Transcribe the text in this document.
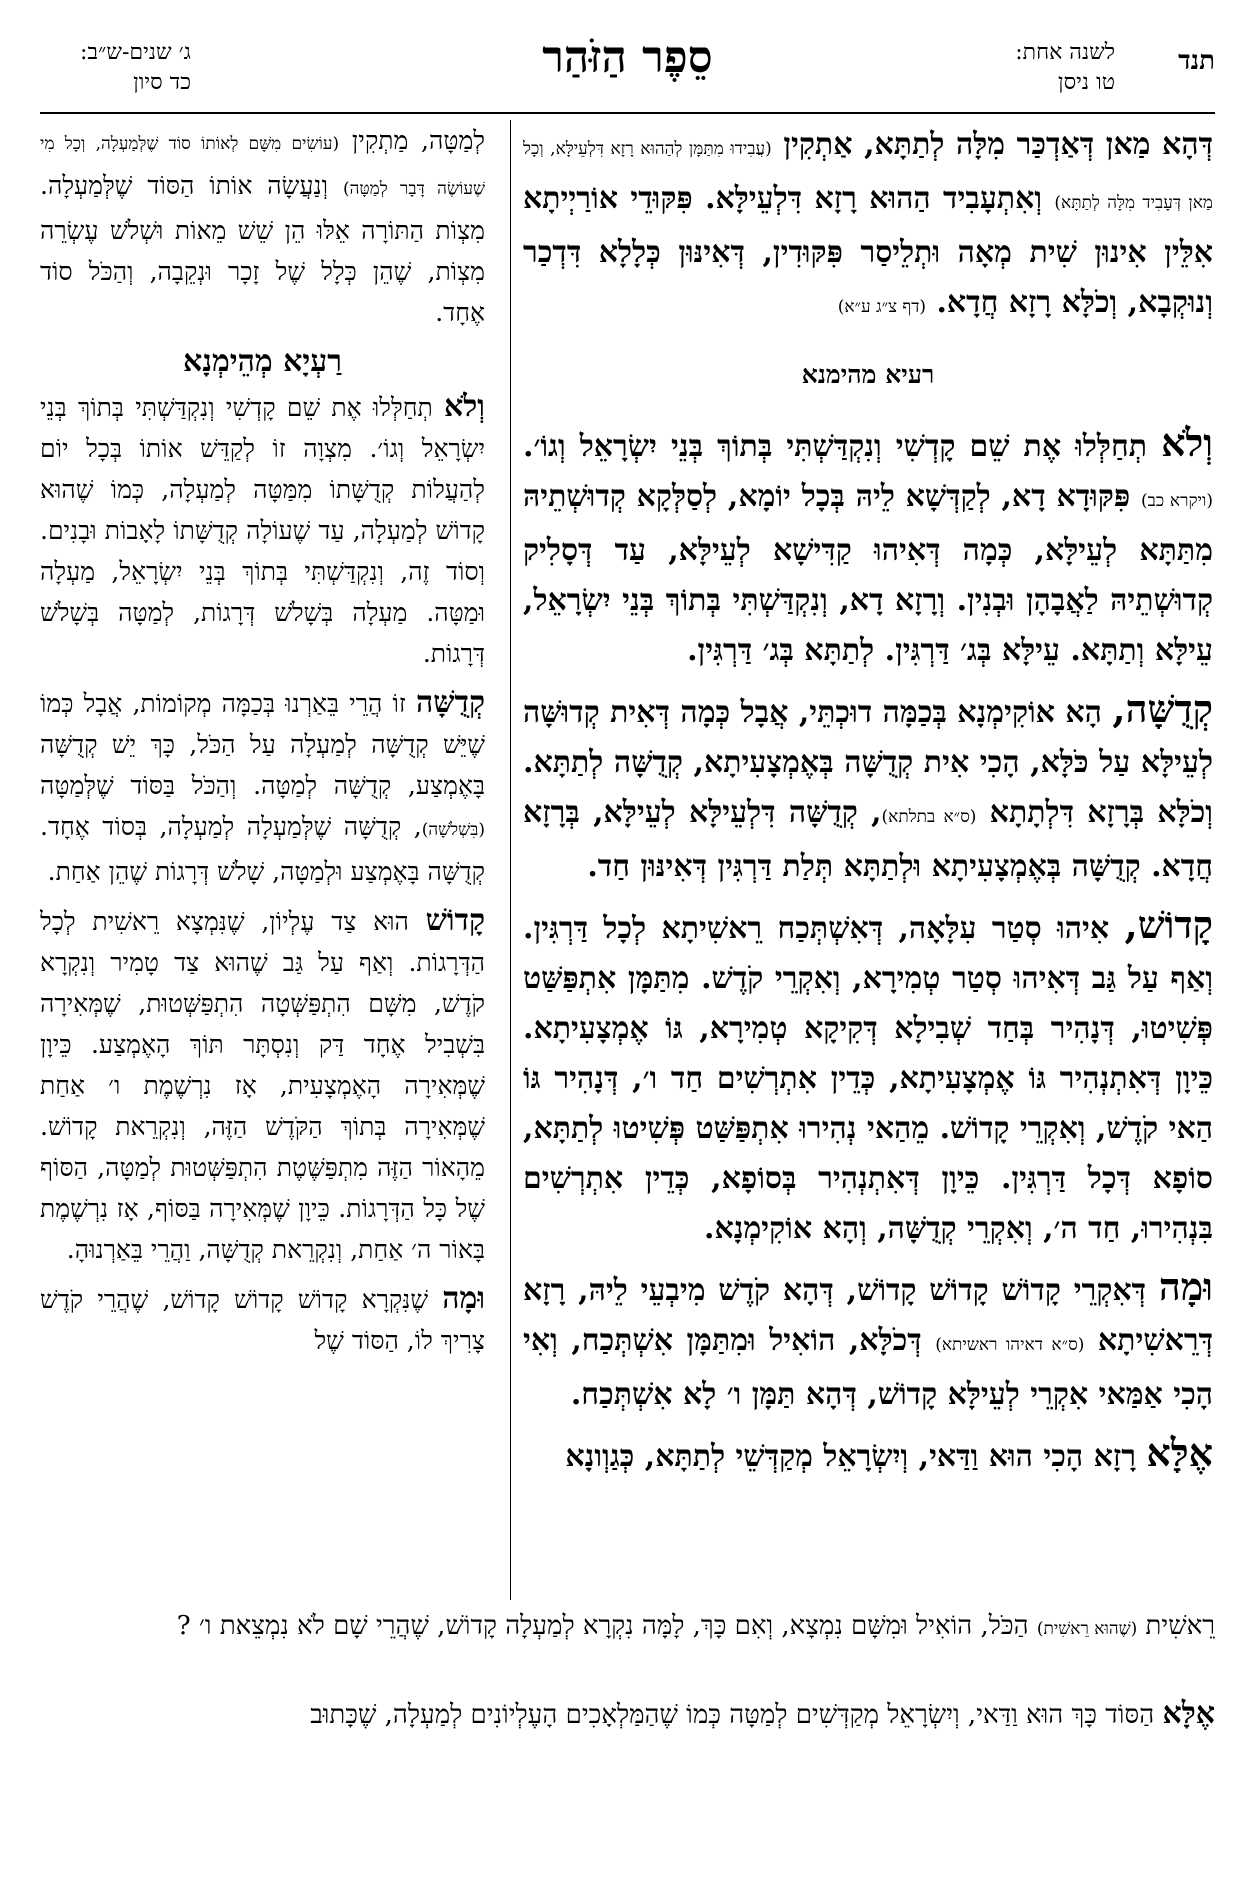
תנד
לשנה אחת:
טו ניסן
סֵפֶר הַזֹּהַר
ג׳ שנים-ש״ב:
כד סיון

דְּהָא מַאן דְּאַדְכַּר מִלָּה לְתַתָּא, אַתְקִין (עֲבִידוּ מִתַּמָּן לְהַהוּא רָזָא דִּלְעֵילָּא, וְכָל מַאן דְּעָבִיד מִלָּה לְתַתָּא) וְאִתְעָבִיד הַהוּא רָזָא דִּלְעֵילָּא. פִּקּוּדֵי אוֹרַיְיתָא אִלֵּין אִינוּן שִׁית מְאָה וּתְלֵיסַר פִּקּוּדִין, דְּאִינּוּן כְּלָלָא דִּדְכַר וְנוּקְבָא, וְכֹלָּא רָזָא חֲדָא. (דף צ״ג ע״א)

רעיא מהימנא

וְלֹא תְחַלְּלוּ אֶת שֵׁם קָדְשִׁי וְנִקְדַּשְׁתִּי בְּתוֹךְ בְּנֵי יִשְׂרָאֵל וְגוֹ׳. (ויקרא כב) פִּקּוּדָא דָא, לְקַדְּשָׁא לֵיהּ בְּכָל יוֹמָא, לְסַלְּקָא קְדוּשְׁתֵיהּ מִתַּתָּא לְעֵילָּא, כְּמָה דְּאִיהוּ קַדִּישָׁא לְעֵילָּא, עַד דְּסָלִיק קְדוּשְׁתֵיהּ לַאֲבָהָן וּבְנִין. וְרָזָא דָא, וְנִקְדַּשְׁתִּי בְּתוֹךְ בְּנֵי יִשְׂרָאֵל, עֵילָּא וְתַתָּא. עֵילָּא בְּג׳ דַּרְגִּין. לְתַתָּא בְּג׳ דַּרְגִּין.

קְדֻשָּׁה, הָא אוֹקִימְנָא בְּכַמָּה דוּכְתֵּי, אֲבָל כְּמָה דְּאִית קְדוּשָּׁה לְעֵילָּא עַל כֹּלָּא, הָכִי אִית קְדֻשָּׁה בְּאֶמְצָעִיתָא, קְדֻשָּׁה לְתַתָּא. וְכֹלָּא בְּרָזָא דִּלְתָתָא (ס״א בתלתא), קְדֻשָּׁה דִּלְעֵילָּא לְעֵילָּא, בְּרָזָא חֲדָא. קְדֻשָּׁה בְּאֶמְצָעִיתָא וּלְתַתָּא תְּלַת דַּרְגִּין דְּאִינּוּן חַד.

קָדוֹשׁ, אִיהוּ סְטַר עִלָּאָה, דְּאִשְׁתְּכַח רֵאשִׁיתָא לְכָל דַּרְגִּין. וְאַף עַל גַּב דְּאִיהוּ סְטַר טְמִירָא, וְאִקְרֵי קֹדֶשׁ. מִתַּמָּן אִתְפַּשַּׁט פְּשִׁיטוּ, דְּנָהִיר בְּחַד שְׁבִילָא דְּקִיקָא טְמִירָא, גּוֹ אֶמְצָעִיתָא. כֵּיוָן דְּאִתְנְהִיר גּוֹ אֶמְצָעִיתָא, כְּדֵין אִתְרְשִׁים חַד ו׳, דְּנָהִיר גּוֹ הַאי קֹדֶשׁ, וְאִקְרֵי קָדוֹשׁ. מֵהַאי נְהִירוּ אִתְפַּשַּׁט פְּשִׁיטוּ לְתַתָּא, סוֹפָא דְּכָל דַּרְגִּין. כֵּיוָן דְּאִתְנְהִיר בְּסוֹפָא, כְּדֵין אִתְרְשִׁים בִּנְהִירוּ, חַד ה׳, וְאִקְרֵי קְדֻשָּׁה, וְהָא אוֹקִימְנָא.

וּמָה דְּאִקְרֵי קָדוֹשׁ קָדוֹשׁ קָדוֹשׁ, דְּהָא קֹדֶשׁ מִיבְעֵי לֵיהּ, רָזָא דְּרֵאשִׁיתָא (ס״א דאיהו ראשיתא) דְּכֹלָּא, הוֹאִיל וּמִתַּמָּן אִשְׁתְּכַח, וְאִי הָכִי אַמַּאי אִקְרֵי לְעֵילָּא קָדוֹשׁ, דְּהָא תַּמָּן ו׳ לָא אִשְׁתְּכַח.

אֶלָּא רָזָא הָכִי הוּא וַדַּאי, וְיִשְׂרָאֵל מְקַדְּשֵׁי לְתַתָּא, כְּגַוְונָא

לְמַטָּה, מַתְקִין (עוֹשִׂים מִשָּׁם לְאוֹתוֹ סוֹד שֶׁלְּמַעְלָה, וְכָל מִי שֶׁעוֹשֶׂה דָּבָר לְמַטָּה) וְנַעֲשָׂה אוֹתוֹ הַסּוֹד שֶׁלְּמַעְלָה. מִצְוֹת הַתּוֹרָה אֵלּוּ הֵן שֵׁשׁ מֵאוֹת וּשְׁלֹשׁ עֶשְׂרֵה מִצְוֹת, שֶׁהֵן כְּלָל שֶׁל זָכָר וּנְקֵבָה, וְהַכֹּל סוֹד אֶחָד.

רַעְיָא מְהֵימְנָא

וְלֹא תְחַלְּלוּ אֶת שֵׁם קָדְשִׁי וְנִקְדַּשְׁתִּי בְּתוֹךְ בְּנֵי יִשְׂרָאֵל וְגוֹ׳. מִצְוָה זוֹ לְקַדֵּשׁ אוֹתוֹ בְּכָל יוֹם לְהַעֲלוֹת קְדֻשָּׁתוֹ מִמַּטָּה לְמַעְלָה, כְּמוֹ שֶׁהוּא קָדוֹשׁ לְמַעְלָה, עַד שֶׁעוֹלָה קְדֻשָּׁתוֹ לָאָבוֹת וּבָנִים. וְסוֹד זֶה, וְנִקְדַּשְׁתִּי בְּתוֹךְ בְּנֵי יִשְׂרָאֵל, מַעְלָה וּמַטָּה. מַעְלָה בְּשָׁלֹשׁ דְּרָגוֹת, לְמַטָּה בְּשָׁלֹשׁ דְּרָגוֹת.

קְדֻשָּׁה זוֹ הֲרֵי בֵּאַרְנוּ בְּכַמָּה מְקוֹמוֹת, אֲבָל כְּמוֹ שֶׁיֵּשׁ קְדֻשָּׁה לְמַעְלָה עַל הַכֹּל, כָּךְ יֵשׁ קְדֻשָּׁה בָּאֶמְצַע, קְדֻשָּׁה לְמַטָּה. וְהַכֹּל בַּסּוֹד שֶׁלְּמַטָּה (בִּשְׁלֹשָׁה), קְדֻשָּׁה שֶׁלְּמַעְלָה לְמַעְלָה, בְּסוֹד אֶחָד. קְדֻשָּׁה בָּאֶמְצַע וּלְמַטָּה, שָׁלֹשׁ דְּרָגוֹת שֶׁהֵן אַחַת.

קָדוֹשׁ הוּא צַד עֶלְיוֹן, שֶׁנִּמְצָא רֵאשִׁית לְכָל הַדְּרָגוֹת. וְאַף עַל גַּב שֶׁהוּא צַד טָמִיר וְנִקְרָא קֹדֶשׁ, מִשָּׁם הִתְפַּשְּׁטָה הִתְפַּשְּׁטוּת, שֶׁמְּאִירָה בִּשְׁבִיל אֶחָד דַּק וְנִסְתָּר תּוֹךְ הָאֶמְצַע. כֵּיוָן שֶׁמְּאִירָה הָאֶמְצָעִית, אָז נִרְשֶׁמֶת ו׳ אַחַת שֶׁמְּאִירָה בְּתוֹךְ הַקֹּדֶשׁ הַזֶּה, וְנִקְרֵאת קָדוֹשׁ. מֵהָאוֹר הַזֶּה מִתְפַּשֶּׁטֶת הִתְפַּשְּׁטוּת לְמַטָּה, הַסּוֹף שֶׁל כָּל הַדְּרָגוֹת. כֵּיוָן שֶׁמְּאִירָה בַּסּוֹף, אָז נִרְשֶׁמֶת בָּאוֹר ה׳ אַחַת, וְנִקְרֵאת קְדֻשָּׁה, וַהֲרֵי בֵּאַרְנוּהָ.

וּמָה שֶׁנִּקְרָא קָדוֹשׁ קָדוֹשׁ קָדוֹשׁ, שֶׁהֲרֵי קֹדֶשׁ צָרִיךְ לוֹ, הַסּוֹד שֶׁל

רֵאשִׁית (שֶׁהוּא רֵאשִׁית) הַכֹּל, הוֹאִיל וּמִשָּׁם נִמְצָא, וְאִם כָּךְ, לָמָּה נִקְרָא לְמַעְלָה קָדוֹשׁ, שֶׁהֲרֵי שָׁם לֹא נִמְצֵאת ו׳ ?
אֶלָּא הַסּוֹד כָּךְ הוּא וַדַּאי, וְיִשְׂרָאֵל מְקַדְּשִׁים לְמַטָּה כְּמוֹ שֶׁהַמַּלְאָכִים הָעֶלְיוֹנִים לְמַעְלָה, שֶׁכָּתוּב
